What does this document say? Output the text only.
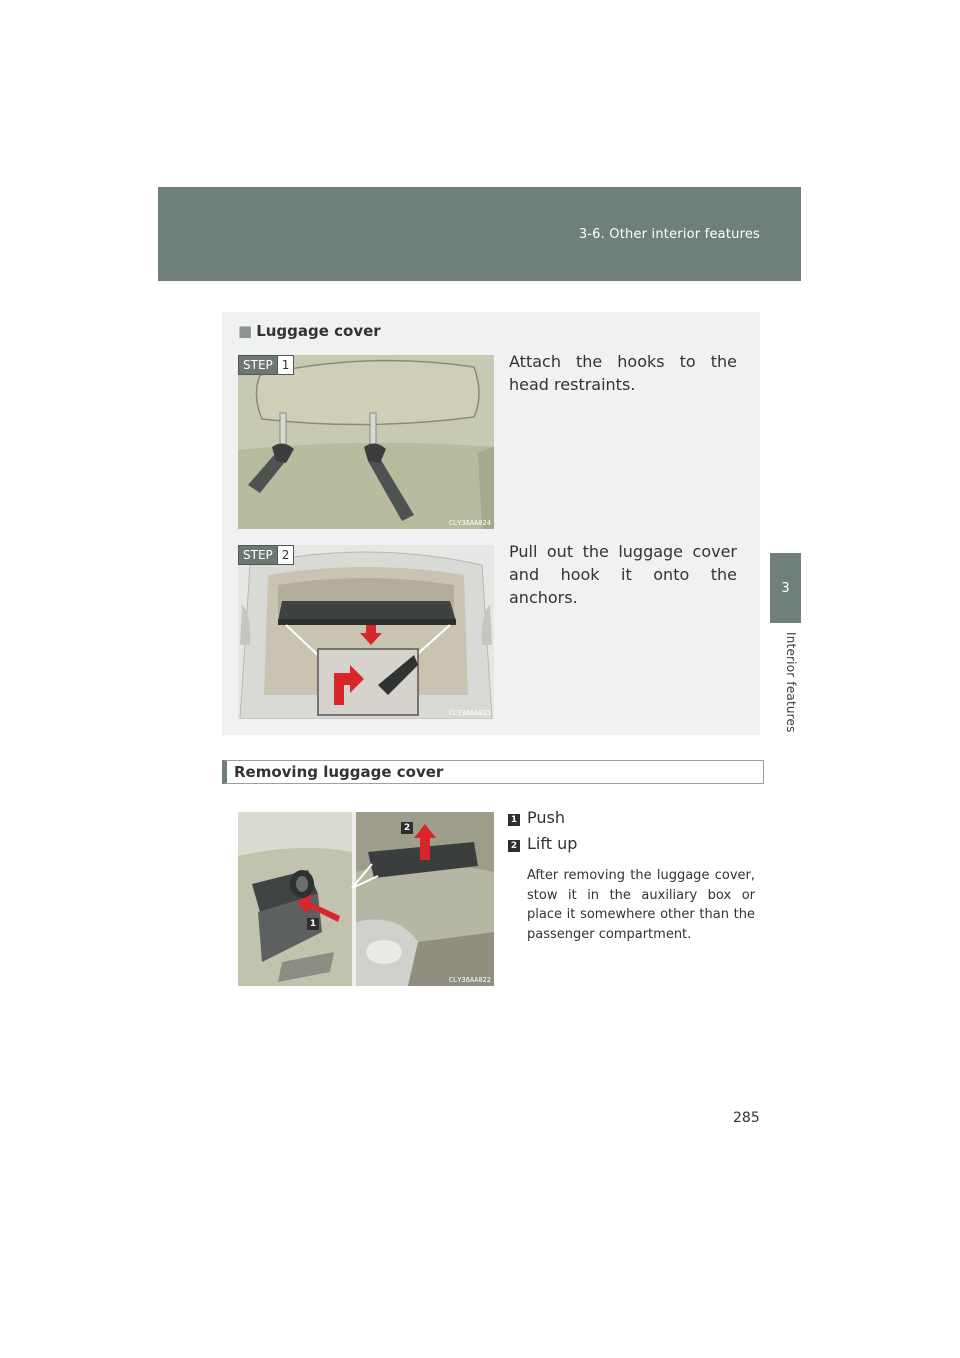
3-6. Other interior features
3
Interior features
■ Luggage cover
STEP 1
CLY36AA024
Attach the hooks to the head restraints.
STEP 2
CLY36AA025
Pull out the luggage cover and hook it onto the anchors.
Removing luggage cover
1
2
CLY36AA022
1 Push
2 Lift up
After removing the luggage cover, stow it in the auxiliary box or place it somewhere other than the passenger compartment.
285
